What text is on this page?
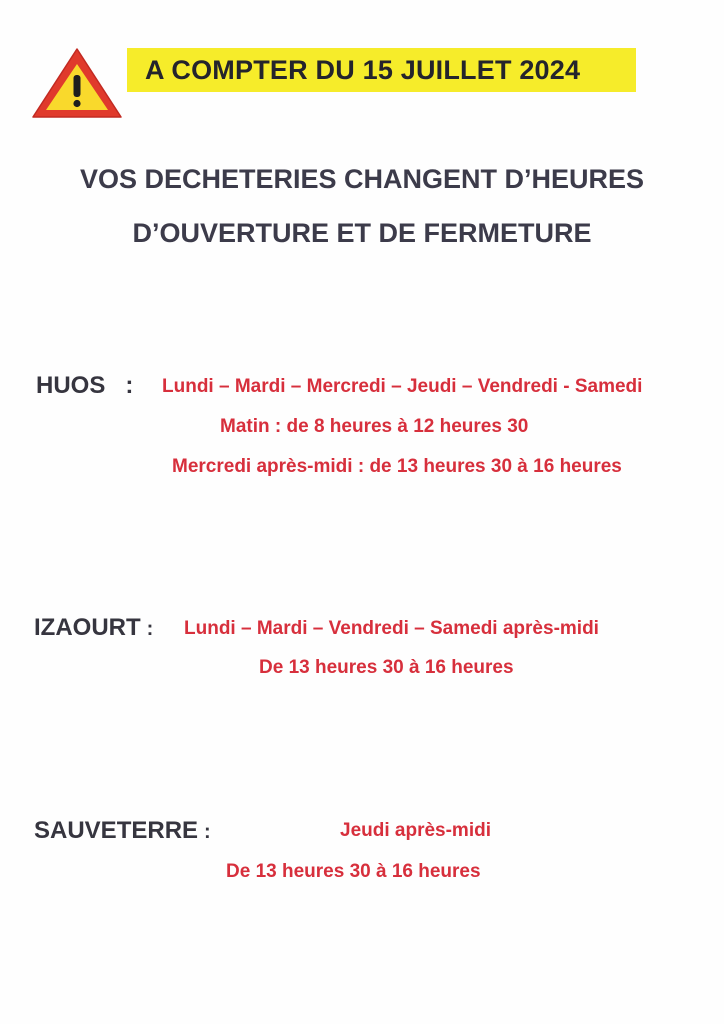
A COMPTER DU 15 JUILLET 2024
VOS DECHETERIES CHANGENT D’HEURES
D’OUVERTURE ET DE FERMETURE
HUOS : Lundi – Mardi – Mercredi – Jeudi – Vendredi - Samedi
Matin : de 8 heures à 12 heures 30
Mercredi après-midi : de 13 heures 30 à 16 heures
IZAOURT : Lundi – Mardi – Vendredi – Samedi après-midi
De 13 heures 30 à 16 heures
SAUVETERRE :	Jeudi après-midi
De 13 heures 30 à 16 heures
